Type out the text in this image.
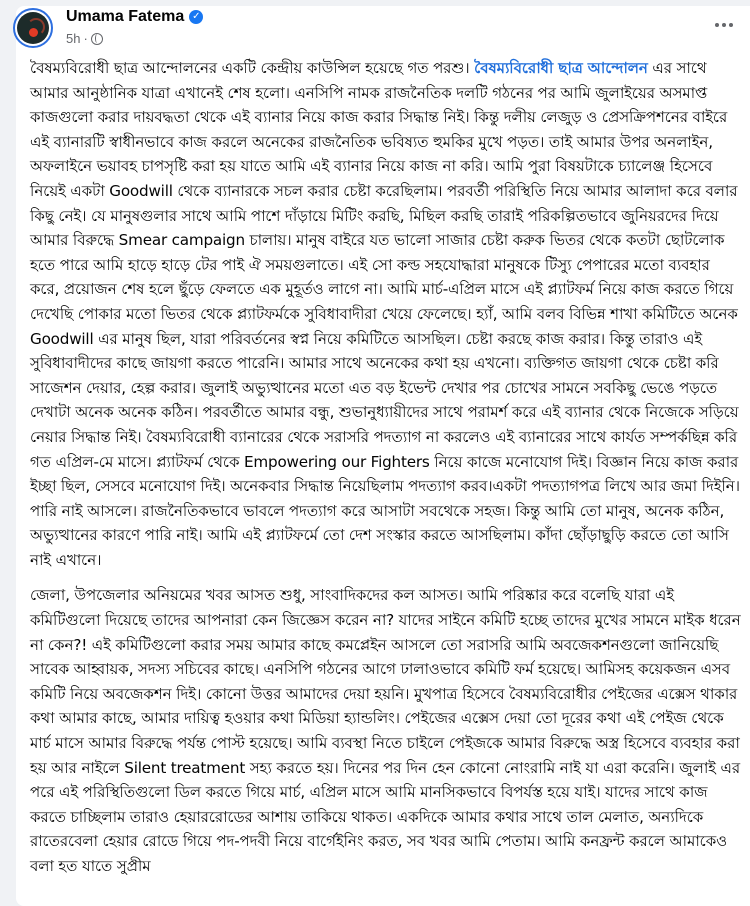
Umama Fatema ✓
5h ·

বৈষম্যবিরোধী ছাত্র আন্দোলনের একটি কেন্দ্রীয় কাউন্সিল হয়েছে গত পরশু। বৈষম্যবিরোধী ছাত্র আন্দোলন এর সাথে আমার আনুষ্ঠানিক যাত্রা এখানেই শেষ হলো। এনসিপি নামক রাজনৈতিক দলটি গঠনের পর আমি জুলাইয়ের অসমাপ্ত কাজগুলো করার দায়বদ্ধতা থেকে এই ব্যানার নিয়ে কাজ করার সিদ্ধান্ত নিই। কিন্তু দলীয় লেজুড় ও প্রেসক্রিপশনের বাইরে এই ব্যানারটি স্বাধীনভাবে কাজ করলে অনেকের রাজনৈতিক ভবিষ্যত হুমকির মুখে পড়ত। তাই আমার উপর অনলাইন, অফলাইনে ভয়াবহ চাপসৃষ্টি করা হয় যাতে আমি এই ব্যানার নিয়ে কাজ না করি। আমি পুরা বিষয়টাকে চ্যালেঞ্জ হিসেবে নিয়েই একটা Goodwill থেকে ব্যানারকে সচল করার চেষ্টা করেছিলাম। পরবর্তী পরিস্থিতি নিয়ে আমার আলাদা করে বলার কিছু নেই। যে মানুষগুলার সাথে আমি পাশে দাঁড়ায়ে মিটিং করছি, মিছিল করছি তারাই পরিকল্পিতভাবে জুনিয়রদের দিয়ে আমার বিরুদ্ধে Smear campaign চালায়। মানুষ বাইরে যত ভালো সাজার চেষ্টা করুক ভিতর থেকে কতটা ছোটলোক হতে পারে আমি হাড়ে হাড়ে টের পাই ঐ সময়গুলাতে। এই সো কল্ড সহযোদ্ধারা মানুষকে টিস্যু পেপারের মতো ব্যবহার করে, প্রয়োজন শেষ হলে ছুঁড়ে ফেলতে এক মুহূর্তও লাগে না। আমি মার্চ-এপ্রিল মাসে এই প্ল্যাটফর্ম নিয়ে কাজ করতে গিয়ে দেখেছি পোকার মতো ভিতর থেকে প্ল্যাটফর্মকে সুবিধাবাদীরা খেয়ে ফেলেছে। হ্যাঁ, আমি বলব বিভিন্ন শাখা কমিটিতে অনেক Goodwill এর মানুষ ছিল, যারা পরিবর্তনের স্বপ্ন নিয়ে কমিটিতে আসছিল। চেষ্টা করছে কাজ করার। কিন্তু তারাও এই সুবিধাবাদীদের কাছে জায়গা করতে পারেনি। আমার সাথে অনেকের কথা হয় এখনো। ব্যক্তিগত জায়গা থেকে চেষ্টা করি সাজেশন দেয়ার, হেল্প করার। জুলাই অভ্যুত্থানের মতো এত বড় ইভেন্ট দেখার পর চোখের সামনে সবকিছু ভেঙে পড়তে দেখাটা অনেক অনেক কঠিন। পরবর্তীতে আমার বন্ধু, শুভানুধ্যায়ীদের সাথে পরামর্শ করে এই ব্যানার থেকে নিজেকে সড়িয়ে নেয়ার সিদ্ধান্ত নিই। বৈষম্যবিরোধী ব্যানারের থেকে সরাসরি পদত্যাগ না করলেও এই ব্যানারের সাথে কার্যত সম্পর্কছিন্ন করি গত এপ্রিল-মে মাসে। প্ল্যাটফর্ম থেকে Empowering our Fighters নিয়ে কাজে মনোযোগ দিই। বিজ্ঞান নিয়ে কাজ করার ইচ্ছা ছিল, সেসবে মনোযোগ দিই। অনেকবার সিদ্ধান্ত নিয়েছিলাম পদত্যাগ করব।একটা পদত্যাগপত্র লিখে আর জমা দিইনি। পারি নাই আসলে। রাজনৈতিকভাবে ভাবলে পদত্যাগ করে আসাটা সবথেকে সহজ। কিন্তু আমি তো মানুষ, অনেক কঠিন, অভ্যুত্থানের কারণে পারি নাই। আমি এই প্ল্যাটফর্মে তো দেশ সংস্কার করতে আসছিলাম। কাঁদা ছোঁড়াছুড়ি করতে তো আসি নাই এখানে।

জেলা, উপজেলার অনিয়মের খবর আসত শুধু, সাংবাদিকদের কল আসত। আমি পরিষ্কার করে বলেছি যারা এই কমিটিগুলো দিয়েছে তাদের আপনারা কেন জিজ্ঞেস করেন না? যাদের সাইনে কমিটি হচ্ছে তাদের মুখের সামনে মাইক ধরেন না কেন?! এই কমিটিগুলো করার সময় আমার কাছে কমপ্লেইন আসলে তো সরাসরি আমি অবজেকশনগুলো জানিয়েছি সাবেক আহ্বায়ক, সদস্য সচিবের কাছে। এনসিপি গঠনের আগে ঢালাওভাবে কমিটি ফর্ম হয়েছে। আমিসহ কয়েকজন এসব কমিটি নিয়ে অবজেকশন দিই। কোনো উত্তর আমাদের দেয়া হয়নি। মুখপাত্র হিসেবে বৈষম্যবিরোধীর পেইজের এক্সেস থাকার কথা আমার কাছে, আমার দায়িত্ব হওয়ার কথা মিডিয়া হ্যান্ডলিং। পেইজের এক্সেস দেয়া তো দূরের কথা এই পেইজ থেকে মার্চ মাসে আমার বিরুদ্ধে পর্যন্ত পোস্ট হয়েছে। আমি ব্যবস্থা নিতে চাইলে পেইজকে আমার বিরুদ্ধে অস্ত্র হিসেবে ব্যবহার করা হয় আর নাইলে Silent treatment সহ্য করতে হয়। দিনের পর দিন হেন কোনো নোংরামি নাই যা এরা করেনি। জুলাই এর পরে এই পরিস্থিতিগুলো ডিল করতে গিয়ে মার্চ, এপ্রিল মাসে আমি মানসিকভাবে বিপর্যস্ত হয়ে যাই। যাদের সাথে কাজ করতে চাচ্ছিলাম তারাও হেয়াররোডের আশায় তাকিয়ে থাকত। একদিকে আমার কথার সাথে তাল মেলাত, অন্যদিকে রাতেরবেলা হেয়ার রোডে গিয়ে পদ-পদবী নিয়ে বার্গেইনিং করত, সব খবর আমি পেতাম। আমি কনফ্রন্ট করলে আমাকেও বলা হত যাতে সুপ্রীম
